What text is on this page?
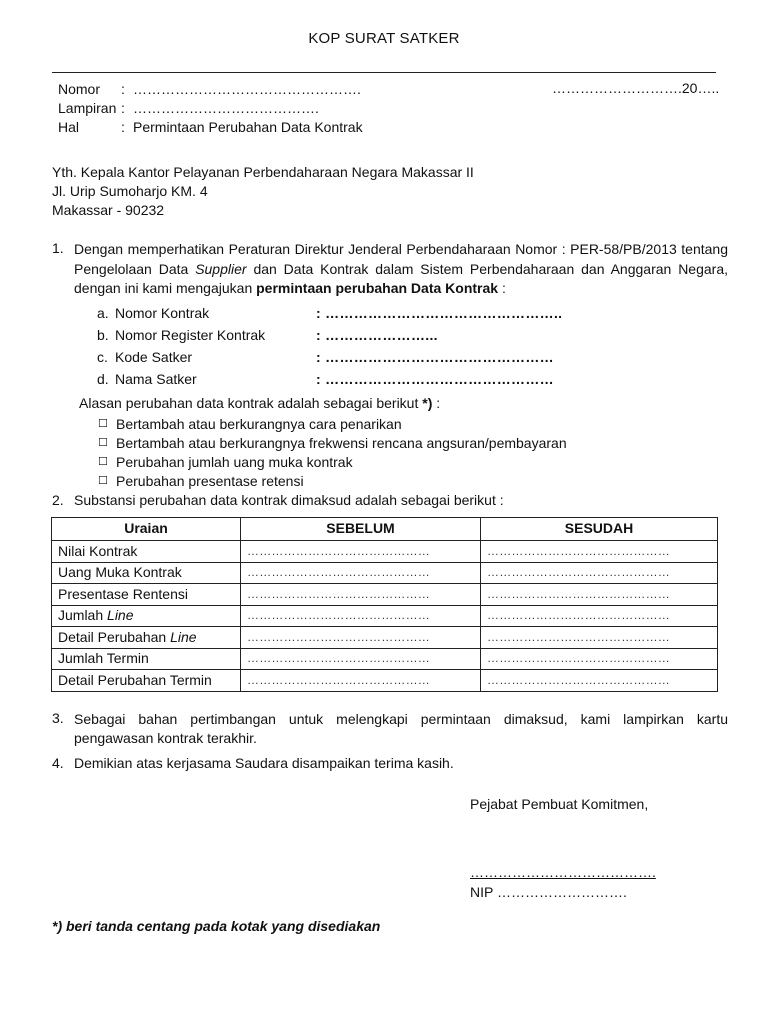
KOP SURAT SATKER
Nomor : ………………………………………….
Lampiran : ………………………………….
Hal	: Permintaan Perubahan Data Kontrak
……………………….20…..
Yth. Kepala Kantor Pelayanan Perbendaharaan Negara Makassar II
Jl. Urip Sumoharjo KM. 4
Makassar - 90232
1. Dengan memperhatikan Peraturan Direktur Jenderal Perbendaharaan Nomor : PER-58/PB/2013 tentang Pengelolaan Data Supplier dan Data Kontrak dalam Sistem Perbendaharaan dan Anggaran Negara, dengan ini kami mengajukan permintaan perubahan Data Kontrak :
a. Nomor Kontrak	: …………………………………………..
b. Nomor Register Kontrak	: …………………...
c. Kode Satker	: …………………………………………
d. Nama Satker	: …………………………………………
Alasan perubahan data kontrak adalah sebagai berikut *) :
☐ Bertambah atau berkurangnya cara penarikan
☐ Bertambah atau berkurangnya frekwensi rencana angsuran/pembayaran
☐ Perubahan jumlah uang muka kontrak
☐ Perubahan presentase retensi
2. Substansi perubahan data kontrak dimaksud adalah sebagai berikut :
Uraian	SEBELUM	SESUDAH
Nilai Kontrak	………………………………………	………………………………………
Uang Muka Kontrak	………………………………………	………………………………………
Presentase Rentensi	………………………………………	………………………………………
Jumlah Line	………………………………………	………………………………………
Detail Perubahan Line	………………………………………	………………………………………
Jumlah Termin	………………………………………	………………………………………
Detail Perubahan Termin	………………………………………	………………………………………
3. Sebagai bahan pertimbangan untuk melengkapi permintaan dimaksud, kami lampirkan kartu pengawasan kontrak terakhir.
4. Demikian atas kerjasama Saudara disampaikan terima kasih.
Pejabat Pembuat Komitmen,
………………………………….
NIP ……………………….
*) beri tanda centang pada kotak yang disediakan
